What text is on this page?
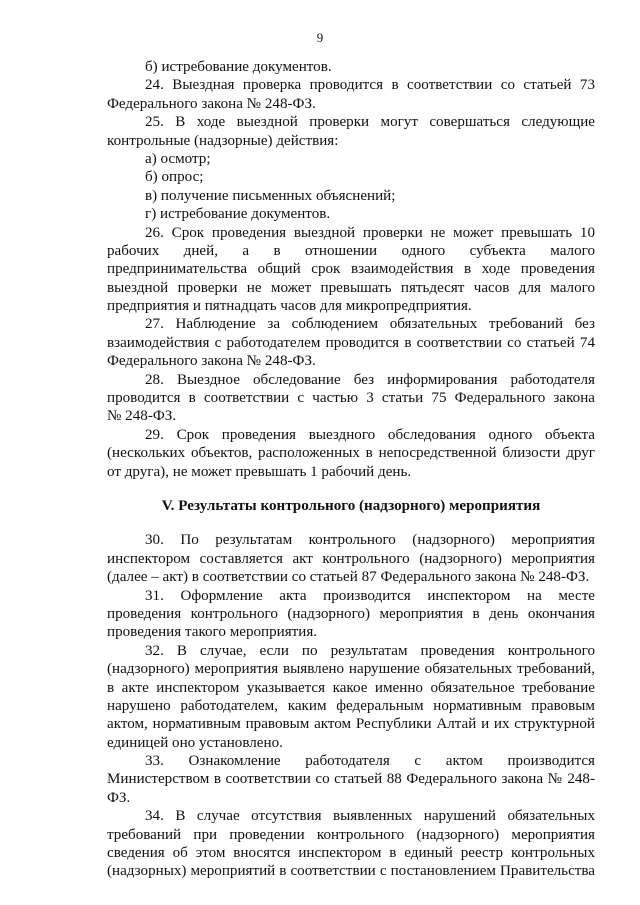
9
б) истребование документов.
24. Выездная проверка проводится в соответствии со статьей 73
Федерального закона № 248-ФЗ.
25. В ходе выездной проверки могут совершаться следующие
контрольные (надзорные) действия:
а) осмотр;
б) опрос;
в) получение письменных объяснений;
г) истребование документов.
26. Срок проведения выездной проверки не может превышать 10
рабочих дней, а в отношении одного субъекта малого
предпринимательства общий срок взаимодействия в ходе проведения
выездной проверки не может превышать пятьдесят часов для малого
предприятия и пятнадцать часов для микропредприятия.
27. Наблюдение за соблюдением обязательных требований без
взаимодействия с работодателем проводится в соответствии со статьей 74
Федерального закона № 248-ФЗ.
28. Выездное обследование без информирования работодателя
проводится в соответствии с частью 3 статьи 75 Федерального закона
№ 248-ФЗ.
29. Срок проведения выездного обследования одного объекта
(нескольких объектов, расположенных в непосредственной близости друг
от друга), не может превышать 1 рабочий день.
V. Результаты контрольного (надзорного) мероприятия
30. По результатам контрольного (надзорного) мероприятия
инспектором составляется акт контрольного (надзорного) мероприятия
(далее – акт) в соответствии со статьей 87 Федерального закона № 248-ФЗ.
31. Оформление акта производится инспектором на месте
проведения контрольного (надзорного) мероприятия в день окончания
проведения такого мероприятия.
32. В случае, если по результатам проведения контрольного
(надзорного) мероприятия выявлено нарушение обязательных требований,
в акте инспектором указывается какое именно обязательное требование
нарушено работодателем, каким федеральным нормативным правовым
актом, нормативным правовым актом Республики Алтай и их структурной
единицей оно установлено.
33. Ознакомление работодателя с актом производится
Министерством в соответствии со статьей 88 Федерального закона № 248-
ФЗ.
34. В случае отсутствия выявленных нарушений обязательных
требований при проведении контрольного (надзорного) мероприятия
сведения об этом вносятся инспектором в единый реестр контрольных
(надзорных) мероприятий в соответствии с постановлением Правительства
